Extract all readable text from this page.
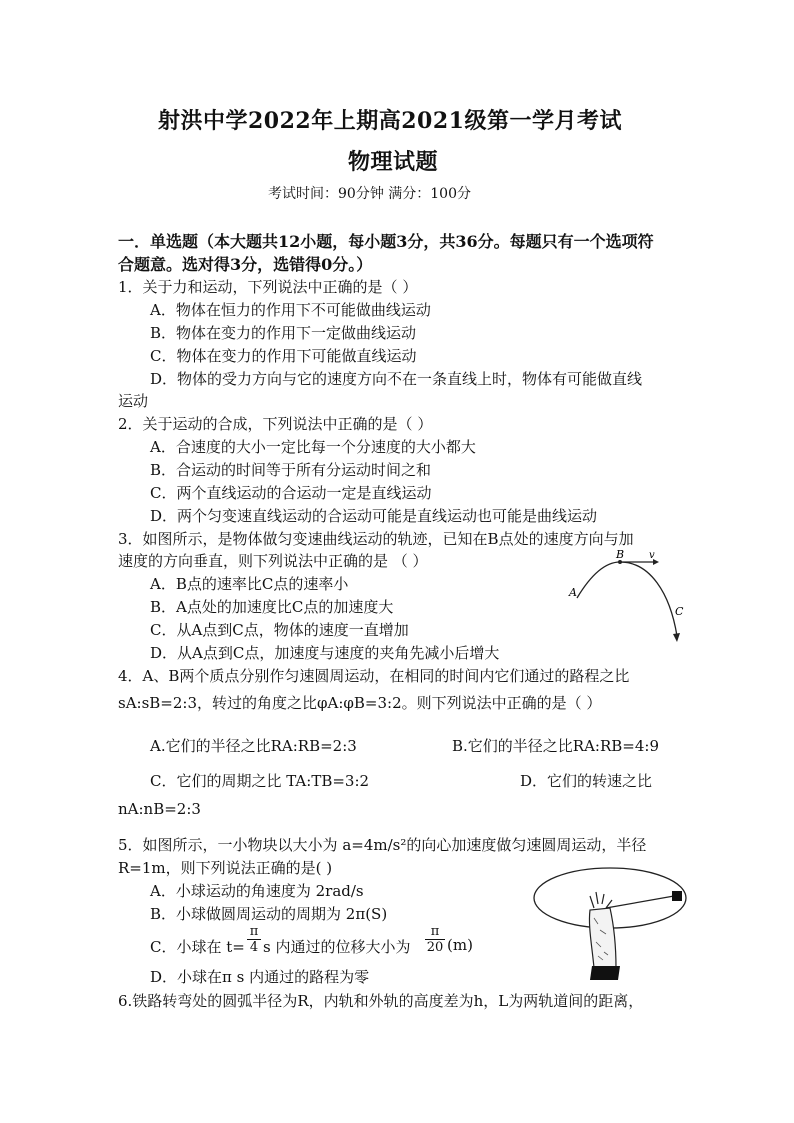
射洪中学2022年上期高2021级第一学月考试
物理试题
考试时间：90分钟 满分：100分
一．单选题（本大题共12小题，每小题3分，共36分。每题只有一个选项符
合题意。选对得3分，选错得0分。）
1．关于力和运动，下列说法中正确的是（ ）
A．物体在恒力的作用下不可能做曲线运动
B．物体在变力的作用下一定做曲线运动
C．物体在变力的作用下可能做直线运动
D．物体的受力方向与它的速度方向不在一条直线上时，物体有可能做直线
运动
2．关于运动的合成，下列说法中正确的是（ ）
A．合速度的大小一定比每一个分速度的大小都大
B．合运动的时间等于所有分运动时间之和
C．两个直线运动的合运动一定是直线运动
D．两个匀变速直线运动的合运动可能是直线运动也可能是曲线运动
3．如图所示，是物体做匀变速曲线运动的轨迹，已知在B点处的速度方向与加
速度的方向垂直，则下列说法中正确的是 （ ）
A．B点的速率比C点的速率小
B．A点处的加速度比C点的加速度大
C．从A点到C点，物体的速度一直增加
D．从A点到C点，加速度与速度的夹角先减小后增大
A
B v
C
4．A、B两个质点分别作匀速圆周运动，在相同的时间内它们通过的路程之比
sA:sB=2:3，转过的角度之比φA:φB=3:2。则下列说法中正确的是（ ）
A.它们的半径之比RA:RB=2:3	B.它们的半径之比RA:RB=4:9
C．它们的周期之比 TA:TB=3:2	D．它们的转速之比
nA:nB=2:3
5．如图所示，一小物块以大小为 a=4m/s²的向心加速度做匀速圆周运动，半径
R=1m，则下列说法正确的是( )
A．小球运动的角速度为 2rad/s
B．小球做圆周运动的周期为 2π(S)
C．小球在 $t= \frac{\pi}{4}$ s 内通过的位移大小为 $\frac{\pi}{20} (m)$
D．小球在π s 内通过的路程为零
6.铁路转弯处的圆弧半径为R，内轨和外轨的高度差为h，L为两轨道间的距离，
